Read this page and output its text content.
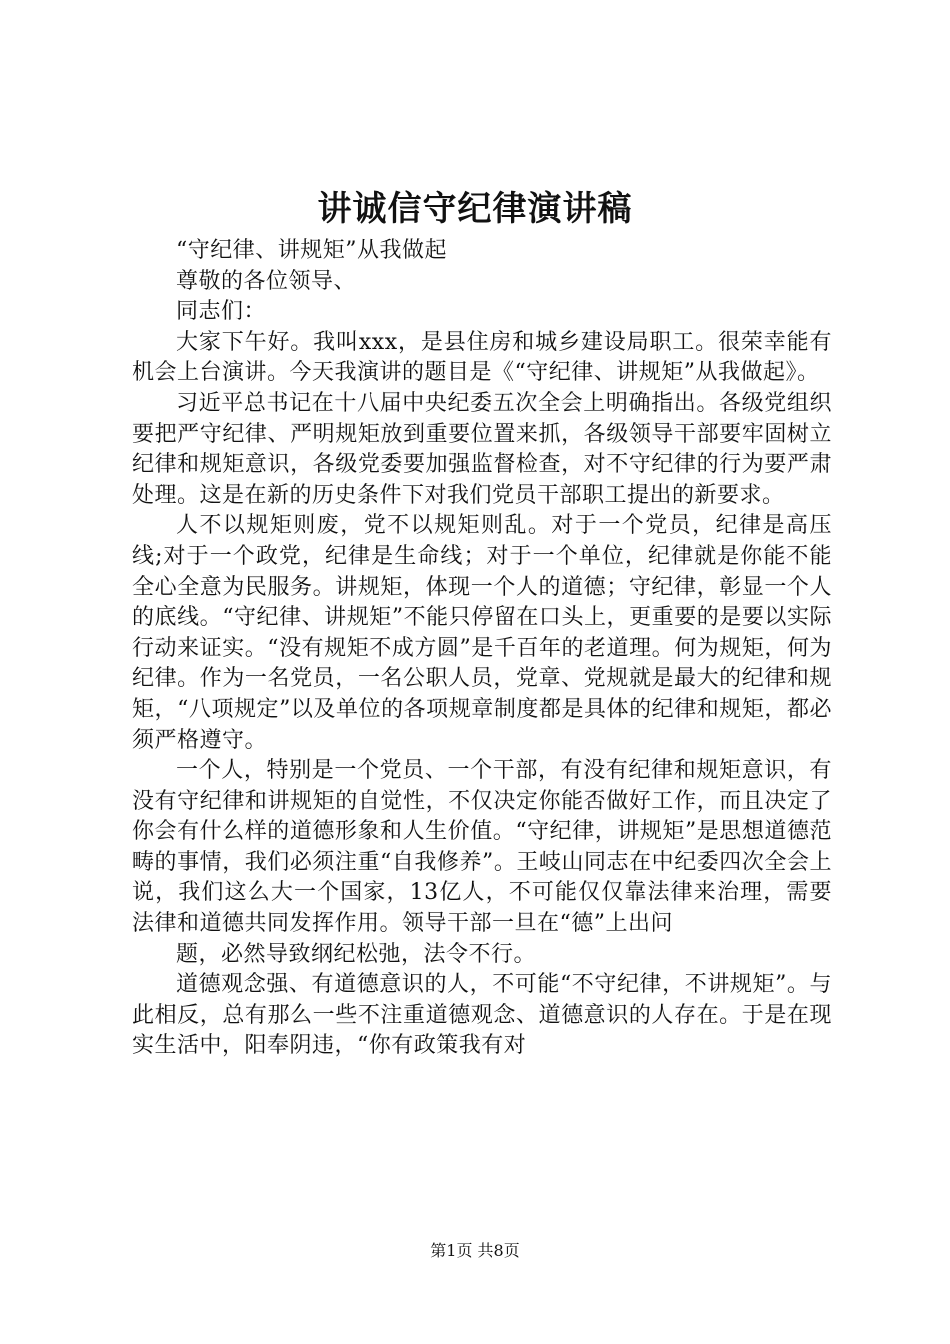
讲诚信守纪律演讲稿

“守纪律、讲规矩”从我做起

尊敬的各位领导、

同志们：

大家下午好。我叫xxx，是县住房和城乡建设局职工。很荣幸能有机会上台演讲。今天我演讲的题目是《“守纪律、讲规矩”从我做起》。

习近平总书记在十八届中央纪委五次全会上明确指出。各级党组织要把严守纪律、严明规矩放到重要位置来抓，各级领导干部要牢固树立纪律和规矩意识，各级党委要加强监督检查，对不守纪律的行为要严肃处理。这是在新的历史条件下对我们党员干部职工提出的新要求。

人不以规矩则废，党不以规矩则乱。对于一个党员，纪律是高压线;对于一个政党，纪律是生命线；对于一个单位，纪律就是你能不能全心全意为民服务。讲规矩，体现一个人的道德；守纪律，彰显一个人的底线。“守纪律、讲规矩”不能只停留在口头上，更重要的是要以实际行动来证实。“没有规矩不成方圆”是千百年的老道理。何为规矩，何为纪律。作为一名党员，一名公职人员，党章、党规就是最大的纪律和规矩，“八项规定”以及单位的各项规章制度都是具体的纪律和规矩，都必须严格遵守。

一个人，特别是一个党员、一个干部，有没有纪律和规矩意识，有没有守纪律和讲规矩的自觉性，不仅决定你能否做好工作，而且决定了你会有什么样的道德形象和人生价值。“守纪律，讲规矩”是思想道德范畴的事情，我们必须注重“自我修养”。王岐山同志在中纪委四次全会上说，我们这么大一个国家，13亿人，不可能仅仅靠法律来治理，需要法律和道德共同发挥作用。领导干部一旦在“德”上出问

题，必然导致纲纪松弛，法令不行。

道德观念强、有道德意识的人，不可能“不守纪律，不讲规矩”。与此相反，总有那么一些不注重道德观念、道德意识的人存在。于是在现实生活中，阳奉阴违，“你有政策我有对

第1页 共8页
